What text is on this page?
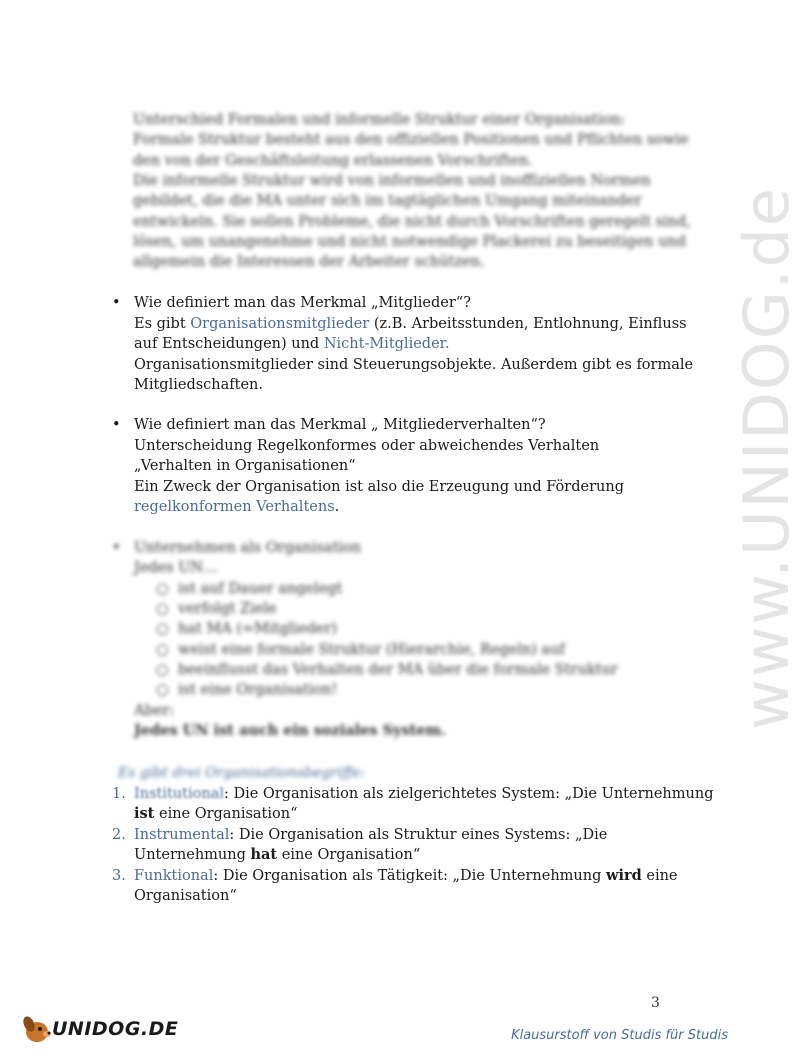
www.UNIDOG.de
Unterschied Formalen und informelle Struktur einer Organisation:
Formale Struktur besteht aus den offiziellen Positionen und Pflichten sowie
den von der Geschäftsleitung erlassenen Vorschriften.
Die informelle Struktur wird von informellen und inoffiziellen Normen
gebildet, die die MA unter sich im tagtäglichen Umgang miteinander
entwickeln. Sie sollen Probleme, die nicht durch Vorschriften geregelt sind,
lösen, um unangenehme und nicht notwendige Plackerei zu beseitigen und
allgemein die Interessen der Arbeiter schützen.
• Wie definiert man das Merkmal „Mitglieder“?
Es gibt Organisationsmitglieder (z.B. Arbeitsstunden, Entlohnung, Einfluss
auf Entscheidungen) und Nicht-Mitglieder.
Organisationsmitglieder sind Steuerungsobjekte. Außerdem gibt es formale
Mitgliedschaften.
• Wie definiert man das Merkmal „ Mitgliederverhalten“?
Unterscheidung Regelkonformes oder abweichendes Verhalten
„Verhalten in Organisationen“
Ein Zweck der Organisation ist also die Erzeugung und Förderung
regelkonformen Verhaltens.
• Unternehmen als Organisation
Jedes UN…
ist auf Dauer angelegt
verfolgt Ziele
hat MA (=Mitglieder)
weist eine formale Struktur (Hierarchie, Regeln) auf
beeinflusst das Verhalten der MA über die formale Struktur
ist eine Organisation!
○
○
○
○
○
○
Aber:
Jedes UN ist auch ein soziales System.
Es gibt drei Organisationsbegriffe:
1. Institutional: Die Organisation als zielgerichtetes System: „Die Unternehmung
ist eine Organisation“
2. Instrumental: Die Organisation als Struktur eines Systems: „Die
Unternehmung hat eine Organisation“
3. Funktional: Die Organisation als Tätigkeit: „Die Unternehmung wird eine
Organisation“
3
UNIDOG.DE	Klausurstoff von Studis für Studis
